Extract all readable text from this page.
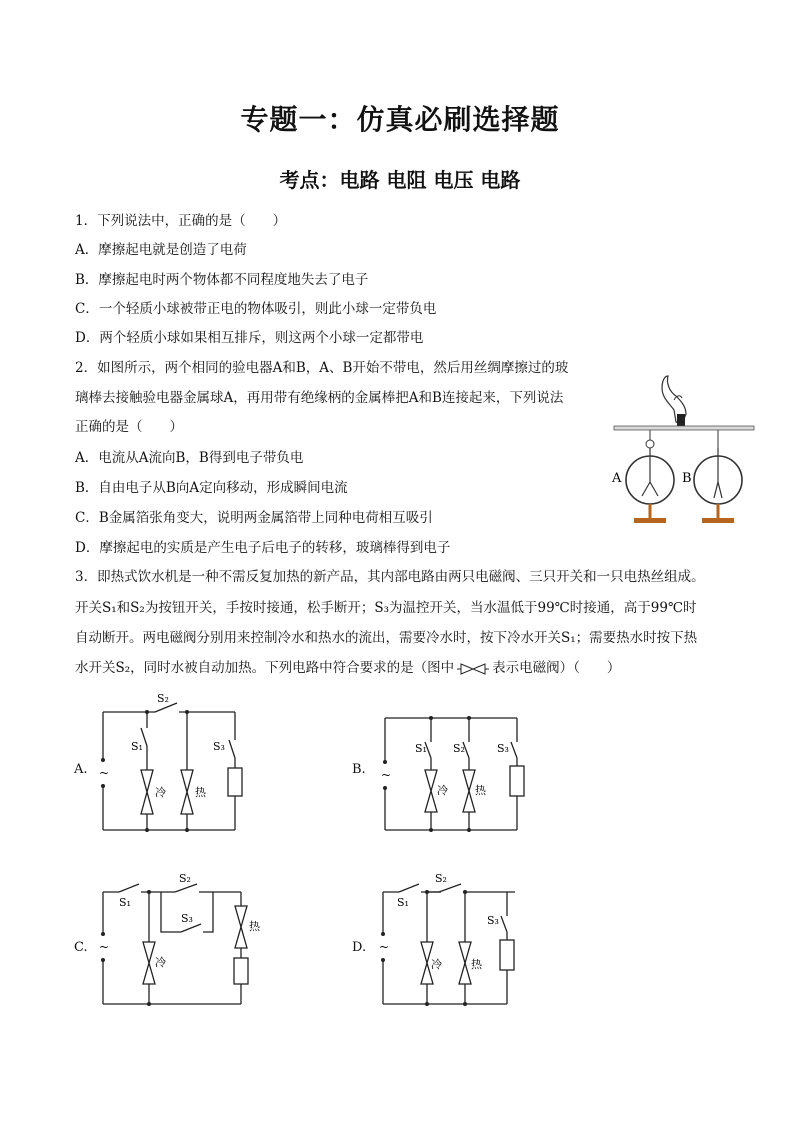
专题一：仿真必刷选择题
考点：电路 电阻 电压 电路
1．下列说法中，正确的是（　　）
A．摩擦起电就是创造了电荷
B．摩擦起电时两个物体都不同程度地失去了电子
C．一个轻质小球被带正电的物体吸引，则此小球一定带负电
D．两个轻质小球如果相互排斥，则这两个小球一定都带电
2．如图所示，两个相同的验电器A和B，A、B开始不带电，然后用丝绸摩擦过的玻
璃棒去接触验电器金属球A，再用带有绝缘柄的金属棒把A和B连接起来，下列说法
正确的是（　　）
A．电流从A流向B，B得到电子带负电
B．自由电子从B向A定向移动，形成瞬间电流
C．B金属箔张角变大，说明两金属箔带上同种电荷相互吸引
D．摩擦起电的实质是产生电子后电子的转移，玻璃棒得到电子
3．即热式饮水机是一种不需反复加热的新产品，其内部电路由两只电磁阀、三只开关和一只电热丝组成。
开关S₁和S₂为按钮开关，手按时接通，松手断开；S₃为温控开关，当水温低于99℃时接通，高于99℃时
自动断开。两电磁阀分别用来控制冷水和热水的流出，需要冷水时，按下冷水开关S₁；需要热水时按下热
水开关S₂，同时水被自动加热。下列电路中符合要求的是（图中	表示电磁阀）（　　）
A	B
A.	B.
C.	D.
~
S₂
S₁	S₃
冷	热
~
S₁ S₂	S₃
冷 热
~
S₁
S₂
S₃
冷
热
~
S₁
S₂
S₃
冷	热
